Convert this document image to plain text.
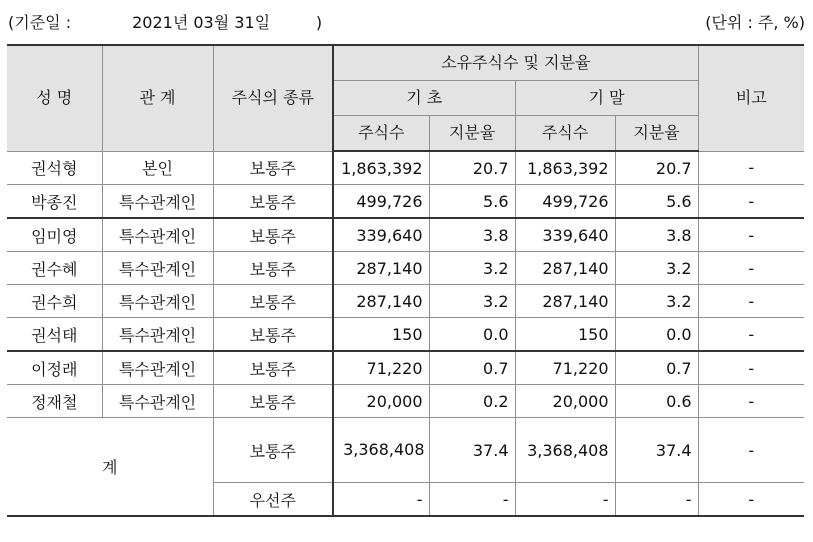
(기준일 :            2021년 03월 31일         )	(단위 : 주, %)
성 명	관 계	주식의 종류	소유주식수 및 지분율				비고
			기 초		기 말		
			주식수	지분율	주식수	지분율	
권석형	본인	보통주	1,863,392	20.7	1,863,392	20.7	-
박종진	특수관계인	보통주	499,726	5.6	499,726	5.6	-
임미영	특수관계인	보통주	339,640	3.8	339,640	3.8	-
권수혜	특수관계인	보통주	287,140	3.2	287,140	3.2	-
권수희	특수관계인	보통주	287,140	3.2	287,140	3.2	-
권석태	특수관계인	보통주	150	0.0	150	0.0	-
이정래	특수관계인	보통주	71,220	0.7	71,220	0.7	-
정재철	특수관계인	보통주	20,000	0.2	20,000	0.6	-
계		보통주	3,368,408	37.4	3,368,408	37.4	-
		우선주	-	-	-	-	-
